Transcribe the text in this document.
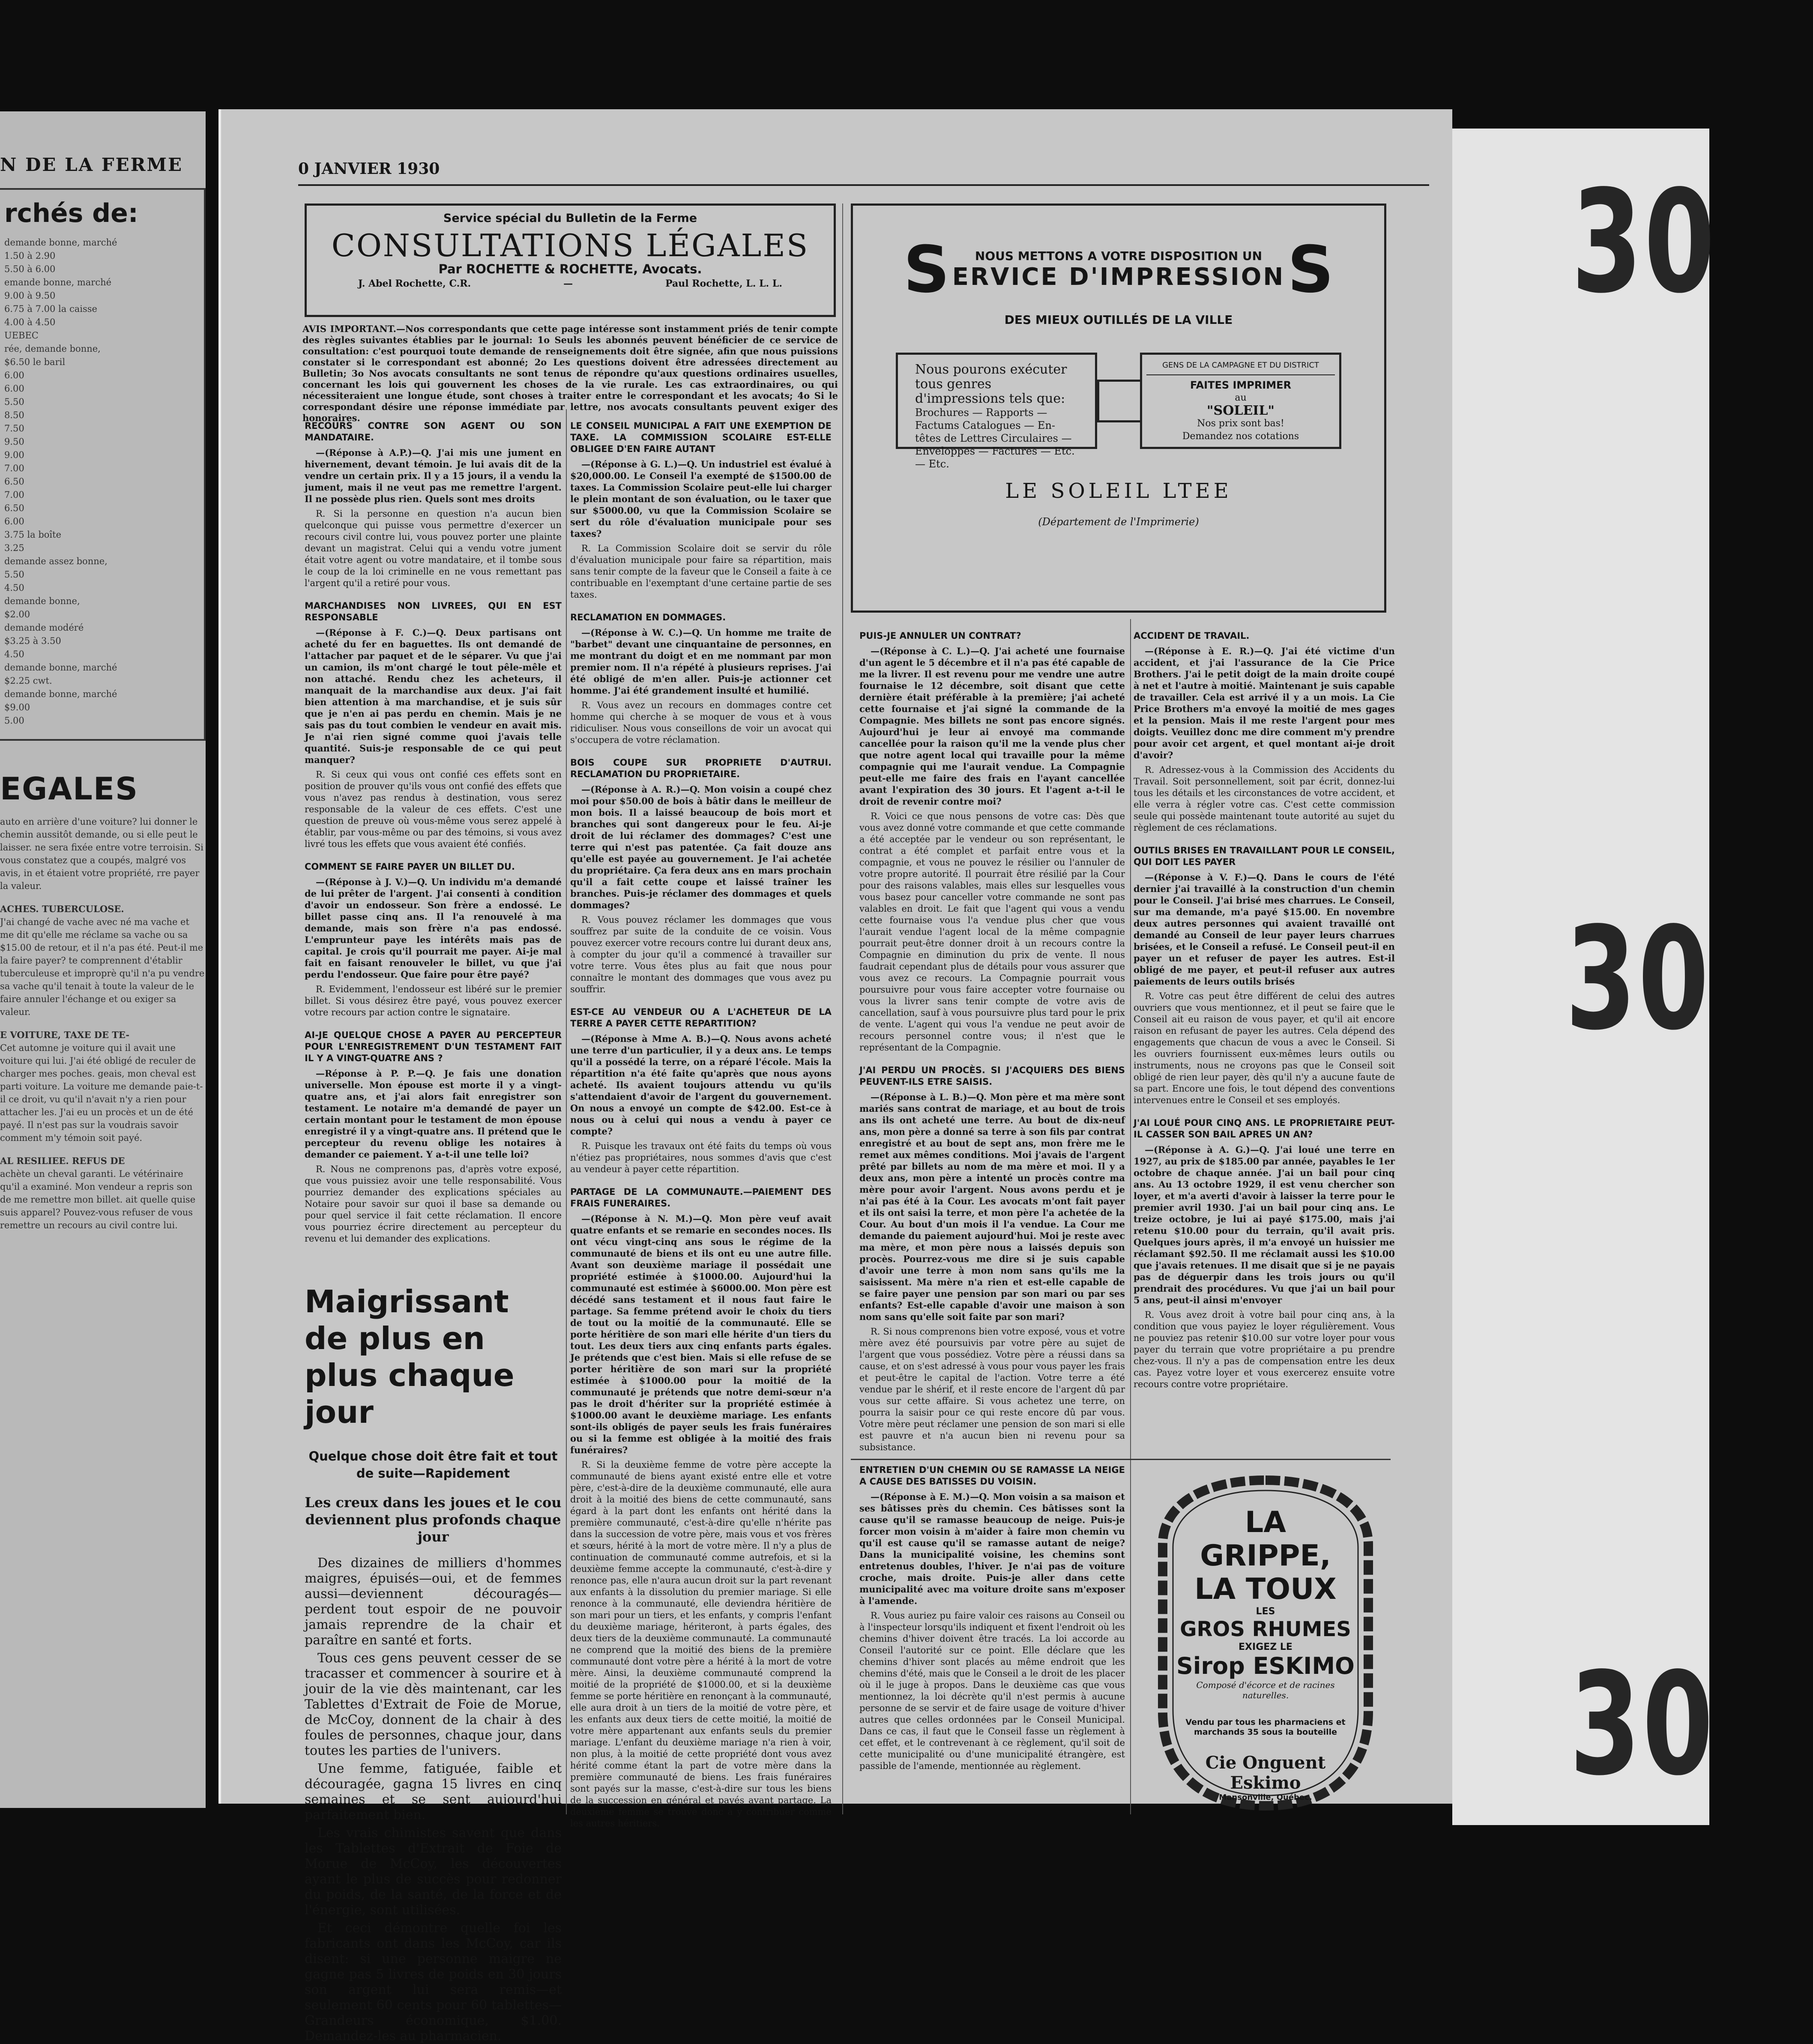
N DE LA FERME
rchés de:
demande bonne, marché
1.50 à 2.90
5.50 à 6.00
emande bonne, marché
9.00 à 9.50
6.75 à 7.00 la caisse
4.00 à 4.50
UEBEC
rée, demande bonne,
$6.50 le baril
6.00
6.00
5.50
8.50
7.50
9.50
9.00
7.00
6.50
7.00
6.50
6.00
3.75 la boîte
3.25
demande assez bonne,
5.50
4.50
demande bonne,
$2.00
demande modéré
$3.25 à 3.50
4.50
demande bonne, marché
$2.25 cwt.
demande bonne, marché
$9.00
5.00
EGALES
auto en arrière d'une voiture? lui donner le chemin aussitôt demande, ou si elle peut le laisser. ne sera fixée entre votre terroisin. Si vous constatez que a coupés, malgré vos avis, in et étaient votre propriété, rre payer la valeur.
ACHES. TUBERCULOSE.
J'ai changé de vache avec né ma vache et me dit qu'elle me réclame sa vache ou sa $15.00 de retour, et il n'a pas été. Peut-il me la faire payer? te comprennent d'établir tuberculeuse et improprè qu'il n'a pu vendre sa vache qu'il tenait à toute la valeur de le faire annuler l'échange et ou exiger sa valeur.
E VOITURE, TAXE DE TE-
Cet automne je voiture qui il avait une voiture qui lui. J'ai été obligé de reculer de charger mes poches. geais, mon cheval est parti voiture. La voiture me demande paie-t-il ce droit, vu qu'il n'avait n'y a rien pour attacher les. J'ai eu un procès et un de été payé. Il n'est pas sur la voudrais savoir comment m'y témoin soit payé.
AL RESILIEE. REFUS DE
achète un cheval garanti. Le vétérinaire qu'il a examiné. Mon vendeur a repris son de me remettre mon billet. ait quelle quise suis apparel? Pouvez-vous refuser de vous remettre un recours au civil contre lui.
0 JANVIER 1930
Service spécial du Bulletin de la Ferme
CONSULTATIONS LÉGALES
Par ROCHETTE & ROCHETTE, Avocats.
J. Abel Rochette, C.R.	—	Paul Rochette, L. L. L.
AVIS IMPORTANT.—Nos correspondants que cette page intéresse sont instamment priés de tenir compte des règles suivantes établies par le journal: 1o Seuls les abonnés peuvent bénéficier de ce service de consultation: c'est pourquoi toute demande de renseignements doit être signée, afin que nous puissions constater si le correspondant est abonné; 2o Les questions doivent être adressées directement au Bulletin; 3o Nos avocats consultants ne sont tenus de répondre qu'aux questions ordinaires usuelles, concernant les lois qui gouvernent les choses de la vie rurale. Les cas extraordinaires, ou qui nécessiteraient une longue étude, sont choses à traiter entre le correspondant et les avocats; 4o Si le correspondant désire une réponse immédiate par lettre, nos avocats consultants peuvent exiger des honoraires.

RECOURS CONTRE SON AGENT OU SON MANDATAIRE.

—(Réponse à A.P.)—Q. J'ai mis une jument en hivernement, devant témoin. Je lui avais dit de la vendre un certain prix. Il y a 15 jours, il a vendu la jument, mais il ne veut pas me remettre l'argent. Il ne possède plus rien. Quels sont mes droits

R. Si la personne en question n'a aucun bien quelconque qui puisse vous permettre d'exercer un recours civil contre lui, vous pouvez porter une plainte devant un magistrat. Celui qui a vendu votre jument était votre agent ou votre mandataire, et il tombe sous le coup de la loi criminelle en ne vous remettant pas l'argent qu'il a retiré pour vous.

MARCHANDISES NON LIVREES, QUI EN EST RESPONSABLE

—(Réponse à F. C.)—Q. Deux partisans ont acheté du fer en baguettes. Ils ont demandé de l'attacher par paquet et de le séparer. Vu que j'ai un camion, ils m'ont chargé le tout pêle-mêle et non attaché. Rendu chez les acheteurs, il manquait de la marchandise aux deux. J'ai fait bien attention à ma marchandise, et je suis sûr que je n'en ai pas perdu en chemin. Mais je ne sais pas du tout combien le vendeur en avait mis. Je n'ai rien signé comme quoi j'avais telle quantité. Suis-je responsable de ce qui peut manquer?

R. Si ceux qui vous ont confié ces effets sont en position de prouver qu'ils vous ont confié des effets que vous n'avez pas rendus à destination, vous serez responsable de la valeur de ces effets. C'est une question de preuve où vous-même vous serez appelé à établir, par vous-même ou par des témoins, si vous avez livré tous les effets que vous avaient été confiés.

COMMENT SE FAIRE PAYER UN BILLET DU.

—(Réponse à J. V.)—Q. Un individu m'a demandé de lui prêter de l'argent. J'ai consenti à condition d'avoir un endosseur. Son frère a endossé. Le billet passe cinq ans. Il l'a renouvelé à ma demande, mais son frère n'a pas endossé. L'emprunteur paye les intérêts mais pas de capital. Je crois qu'il pourrait me payer. Ai-je mal fait en faisant renouveler le billet, vu que j'ai perdu l'endosseur. Que faire pour être payé?

R. Evidemment, l'endosseur est libéré sur le premier billet. Si vous désirez être payé, vous pouvez exercer votre recours par action contre le signataire.

AI-JE QUELQUE CHOSE A PAYER AU PERCEPTEUR POUR L'ENREGISTREMENT D'UN TESTAMENT FAIT IL Y A VINGT-QUATRE ANS ?

—Réponse à P. P.—Q. Je fais une donation universelle. Mon épouse est morte il y a vingt-quatre ans, et j'ai alors fait enregistrer son testament. Le notaire m'a demandé de payer un certain montant pour le testament de mon épouse enregistré il y a vingt-quatre ans. Il prétend que le percepteur du revenu oblige les notaires à demander ce paiement. Y a-t-il une telle loi?

R. Nous ne comprenons pas, d'après votre exposé, que vous puissiez avoir une telle responsabilité. Vous pourriez demander des explications spéciales au Notaire pour savoir sur quoi il base sa demande ou pour quel service il fait cette réclamation. Il encore vous pourriez écrire directement au percepteur du revenu et lui demander des explications.

LE CONSEIL MUNICIPAL A FAIT UNE EXEMPTION DE TAXE. LA COMMISSION SCOLAIRE EST-ELLE OBLIGEE D'EN FAIRE AUTANT

—(Réponse à G. L.)—Q. Un industriel est évalué à $20,000.00. Le Conseil l'a exempté de $1500.00 de taxes. La Commission Scolaire peut-elle lui charger le plein montant de son évaluation, ou le taxer que sur $5000.00, vu que la Commission Scolaire se sert du rôle d'évaluation municipale pour ses taxes?

R. La Commission Scolaire doit se servir du rôle d'évaluation municipale pour faire sa répartition, mais sans tenir compte de la faveur que le Conseil a faite à ce contribuable en l'exemptant d'une certaine partie de ses taxes.

RECLAMATION EN DOMMAGES.

—(Réponse à W. C.)—Q. Un homme me traite de "barbet" devant une cinquantaine de personnes, en me montrant du doigt et en me nommant par mon premier nom. Il n'a répété à plusieurs reprises. J'ai été obligé de m'en aller. Puis-je actionner cet homme. J'ai été grandement insulté et humilié.

R. Vous avez un recours en dommages contre cet homme qui cherche à se moquer de vous et à vous ridiculiser. Nous vous conseillons de voir un avocat qui s'occupera de votre réclamation.

BOIS COUPE SUR PROPRIETE D'AUTRUI. RECLAMATION DU PROPRIETAIRE.

—(Réponse à A. R.)—Q. Mon voisin a coupé chez moi pour $50.00 de bois à bâtir dans le meilleur de mon bois. Il a laissé beaucoup de bois mort et branches qui sont dangereux pour le feu. Ai-je droit de lui réclamer des dommages? C'est une terre qui n'est pas patentée. Ça fait douze ans qu'elle est payée au gouvernement. Je l'ai achetée du propriétaire. Ça fera deux ans en mars prochain qu'il a fait cette coupe et laissé traîner les branches. Puis-je réclamer des dommages et quels dommages?

R. Vous pouvez réclamer les dommages que vous souffrez par suite de la conduite de ce voisin. Vous pouvez exercer votre recours contre lui durant deux ans, à compter du jour qu'il a commencé à travailler sur votre terre. Vous êtes plus au fait que nous pour connaître le montant des dommages que vous avez pu souffrir.

EST-CE AU VENDEUR OU A L'ACHETEUR DE LA TERRE A PAYER CETTE REPARTITION?

—(Réponse à Mme A. B.)—Q. Nous avons acheté une terre d'un particulier, il y a deux ans. Le temps qu'il a possédé la terre, on a réparé l'école. Mais la répartition n'a été faite qu'après que nous ayons acheté. Ils avaient toujours attendu vu qu'ils s'attendaient d'avoir de l'argent du gouvernement. On nous a envoyé un compte de $42.00. Est-ce à nous ou à celui qui nous a vendu à payer ce compte?

R. Puisque les travaux ont été faits du temps où vous n'étiez pas propriétaires, nous sommes d'avis que c'est au vendeur à payer cette répartition.

PARTAGE DE LA COMMUNAUTE.—PAIEMENT DES FRAIS FUNERAIRES.

—(Réponse à N. M.)—Q. Mon père veuf avait quatre enfants et se remarie en secondes noces. Ils ont vécu vingt-cinq ans sous le régime de la communauté de biens et ils ont eu une autre fille. Avant son deuxième mariage il possédait une propriété estimée à $1000.00. Aujourd'hui la communauté est estimée à $6000.00. Mon père est décédé sans testament et il nous faut faire le partage. Sa femme prétend avoir le choix du tiers de tout ou la moitié de la communauté. Elle se porte héritière de son mari elle hérite d'un tiers du tout. Les deux tiers aux cinq enfants parts égales. Je prétends que c'est bien. Mais si elle refuse de se porter héritière de son mari sur la propriété estimée à $1000.00 pour la moitié de la communauté je prétends que notre demi-sœur n'a pas le droit d'hériter sur la propriété estimée à $1000.00 avant le deuxième mariage. Les enfants sont-ils obligés de payer seuls les frais funéraires ou si la femme est obligée à la moitié des frais funéraires?

R. Si la deuxième femme de votre père accepte la communauté de biens ayant existé entre elle et votre père, c'est-à-dire de la deuxième communauté, elle aura droit à la moitié des biens de cette communauté, sans égard à la part dont les enfants ont hérité dans la première communauté, c'est-à-dire qu'elle n'hérite pas dans la succession de votre père, mais vous et vos frères et sœurs, hérité à la mort de votre mère. Il n'y a plus de continuation de communauté comme autrefois, et si la deuxième femme accepte la communauté, c'est-à-dire y renonce pas, elle n'aura aucun droit sur la part revenant aux enfants à la dissolution du premier mariage. Si elle renonce à la communauté, elle deviendra héritière de son mari pour un tiers, et les enfants, y compris l'enfant du deuxième mariage, hériteront, à parts égales, des deux tiers de la deuxième communauté. La communauté ne comprend que la moitié des biens de la première communauté dont votre père a hérité à la mort de votre mère. Ainsi, la deuxième communauté comprend la moitié de la propriété de $1000.00, et si la deuxième femme se porte héritière en renonçant à la communauté, elle aura droit à un tiers de la moitié de votre père, et les enfants aux deux tiers de cette moitié, la moitié de votre mère appartenant aux enfants seuls du premier mariage. L'enfant du deuxième mariage n'a rien à voir, non plus, à la moitié de cette propriété dont vous avez hérité comme étant la part de votre mère dans la première communauté de biens. Les frais funéraires sont payés sur la masse, c'est-à-dire sur tous les biens de la succession en général et payés avant partage. La deuxième femme se trouve donc à y contribuer comme les autres héritiers.

PUIS-JE ANNULER UN CONTRAT?

—(Réponse à C. L.)—Q. J'ai acheté une fournaise d'un agent le 5 décembre et il n'a pas été capable de me la livrer. Il est revenu pour me vendre une autre fournaise le 12 décembre, soit disant que cette dernière était préférable à la première; j'ai acheté cette fournaise et j'ai signé la commande de la Compagnie. Mes billets ne sont pas encore signés. Aujourd'hui je leur ai envoyé ma commande cancellée pour la raison qu'il me la vende plus cher que notre agent local qui travaille pour la même compagnie qui me l'aurait vendue. La Compagnie peut-elle me faire des frais en l'ayant cancellée avant l'expiration des 30 jours. Et l'agent a-t-il le droit de revenir contre moi?

R. Voici ce que nous pensons de votre cas: Dès que vous avez donné votre commande et que cette commande a été acceptée par le vendeur ou son représentant, le contrat a été complet et parfait entre vous et la compagnie, et vous ne pouvez le résilier ou l'annuler de votre propre autorité. Il pourrait être résilié par la Cour pour des raisons valables, mais elles sur lesquelles vous vous basez pour canceller votre commande ne sont pas valables en droit. Le fait que l'agent qui vous a vendu cette fournaise vous l'a vendue plus cher que vous l'aurait vendue l'agent local de la même compagnie pourrait peut-être donner droit à un recours contre la Compagnie en diminution du prix de vente. Il nous faudrait cependant plus de détails pour vous assurer que vous avez ce recours. La Compagnie pourrait vous poursuivre pour vous faire accepter votre fournaise ou vous la livrer sans tenir compte de votre avis de cancellation, sauf à vous poursuivre plus tard pour le prix de vente. L'agent qui vous l'a vendue ne peut avoir de recours personnel contre vous; il n'est que le représentant de la Compagnie.

J'AI PERDU UN PROCÈS. SI J'ACQUIERS DES BIENS PEUVENT-ILS ETRE SAISIS.

—(Réponse à L. B.)—Q. Mon père et ma mère sont mariés sans contrat de mariage, et au bout de trois ans ils ont acheté une terre. Au bout de dix-neuf ans, mon père a donné sa terre à son fils par contrat enregistré et au bout de sept ans, mon frère me le remet aux mêmes conditions. Moi j'avais de l'argent prêté par billets au nom de ma mère et moi. Il y a deux ans, mon père a intenté un procès contre ma mère pour avoir l'argent. Nous avons perdu et je n'ai pas été à la Cour. Les avocats m'ont fait payer et ils ont saisi la terre, et mon père l'a achetée de la Cour. Au bout d'un mois il l'a vendue. La Cour me demande du paiement aujourd'hui. Moi je reste avec ma mère, et mon père nous a laissés depuis son procès. Pourrez-vous me dire si je suis capable d'avoir une terre à mon nom sans qu'ils me la saisissent. Ma mère n'a rien et est-elle capable de se faire payer une pension par son mari ou par ses enfants? Est-elle capable d'avoir une maison à son nom sans qu'elle soit faite par son mari?

R. Si nous comprenons bien votre exposé, vous et votre mère avez été poursuivis par votre père au sujet de l'argent que vous possédiez. Votre père a réussi dans sa cause, et on s'est adressé à vous pour vous payer les frais et peut-être le capital de l'action. Votre terre a été vendue par le shérif, et il reste encore de l'argent dû par vous sur cette affaire. Si vous achetez une terre, on pourra la saisir pour ce qui reste encore dû par vous. Votre mère peut réclamer une pension de son mari si elle est pauvre et n'a aucun bien ni revenu pour sa subsistance.

ENTRETIEN D'UN CHEMIN OU SE RAMASSE LA NEIGE A CAUSE DES BATISSES DU VOISIN.

—(Réponse à E. M.)—Q. Mon voisin a sa maison et ses bâtisses près du chemin. Ces bâtisses sont la cause qu'il se ramasse beaucoup de neige. Puis-je forcer mon voisin à m'aider à faire mon chemin vu qu'il est cause qu'il se ramasse autant de neige? Dans la municipalité voisine, les chemins sont entretenus doubles, l'hiver. Je n'ai pas de voiture croche, mais droite. Puis-je aller dans cette municipalité avec ma voiture droite sans m'exposer à l'amende.

R. Vous auriez pu faire valoir ces raisons au Conseil ou à l'inspecteur lorsqu'ils indiquent et fixent l'endroit où les chemins d'hiver doivent être tracés. La loi accorde au Conseil l'autorité sur ce point. Elle déclare que les chemins d'hiver sont placés au même endroit que les chemins d'été, mais que le Conseil a le droit de les placer où il le juge à propos. Dans le deuxième cas que vous mentionnez, la loi décrète qu'il n'est permis à aucune personne de se servir et de faire usage de voiture d'hiver autres que celles ordonnées par le Conseil Municipal. Dans ce cas, il faut que le Conseil fasse un règlement à cet effet, et le contrevenant à ce règlement, qu'il soit de cette municipalité ou d'une municipalité étrangère, est passible de l'amende, mentionnée au règlement.

ACCIDENT DE TRAVAIL.

—(Réponse à E. R.)—Q. J'ai été victime d'un accident, et j'ai l'assurance de la Cie Price Brothers. J'ai le petit doigt de la main droite coupé à net et l'autre à moitié. Maintenant je suis capable de travailler. Cela est arrivé il y a un mois. La Cie Price Brothers m'a envoyé la moitié de mes gages et la pension. Mais il me reste l'argent pour mes doigts. Veuillez donc me dire comment m'y prendre pour avoir cet argent, et quel montant ai-je droit d'avoir?

R. Adressez-vous à la Commission des Accidents du Travail. Soit personnellement, soit par écrit, donnez-lui tous les détails et les circonstances de votre accident, et elle verra à régler votre cas. C'est cette commission seule qui possède maintenant toute autorité au sujet du règlement de ces réclamations.

OUTILS BRISES EN TRAVAILLANT POUR LE CONSEIL, QUI DOIT LES PAYER

—(Réponse à V. F.)—Q. Dans le cours de l'été dernier j'ai travaillé à la construction d'un chemin pour le Conseil. J'ai brisé mes charrues. Le Conseil, sur ma demande, m'a payé $15.00. En novembre deux autres personnes qui avaient travaillé ont demandé au Conseil de leur payer leurs charrues brisées, et le Conseil a refusé. Le Conseil peut-il en payer un et refuser de payer les autres. Est-il obligé de me payer, et peut-il refuser aux autres paiements de leurs outils brisés

R. Votre cas peut être différent de celui des autres ouvriers que vous mentionnez, et il peut se faire que le Conseil ait eu raison de vous payer, et qu'il ait encore raison en refusant de payer les autres. Cela dépend des engagements que chacun de vous a avec le Conseil. Si les ouvriers fournissent eux-mêmes leurs outils ou instruments, nous ne croyons pas que le Conseil soit obligé de rien leur payer, dès qu'il n'y a aucune faute de sa part. Encore une fois, le tout dépend des conventions intervenues entre le Conseil et ses employés.

J'AI LOUÉ POUR CINQ ANS. LE PROPRIETAIRE PEUT-IL CASSER SON BAIL APRES UN AN?

—(Réponse à A. G.)—Q. J'ai loué une terre en 1927, au prix de $185.00 par année, payables le 1er octobre de chaque année. J'ai un bail pour cinq ans. Au 13 octobre 1929, il est venu chercher son loyer, et m'a averti d'avoir à laisser la terre pour le premier avril 1930. J'ai un bail pour cinq ans. Le treize octobre, je lui ai payé $175.00, mais j'ai retenu $10.00 pour du terrain, qu'il avait pris. Quelques jours après, il m'a envoyé un huissier me réclamant $92.50. Il me réclamait aussi les $10.00 que j'avais retenues. Il me disait que si je ne payais pas de déguerpir dans les trois jours ou qu'il prendrait des procédures. Vu que j'ai un bail pour 5 ans, peut-il ainsi m'envoyer

R. Vous avez droit à votre bail pour cinq ans, à la condition que vous payiez le loyer régulièrement. Vous ne pouviez pas retenir $10.00 sur votre loyer pour vous payer du terrain que votre propriétaire a pu prendre chez-vous. Il n'y a pas de compensation entre les deux cas. Payez votre loyer et vous exercerez ensuite votre recours contre votre propriétaire.

Maigrissant de plus en plus chaque jour
Quelque chose doit être fait et tout de suite—Rapidement
Les creux dans les joues et le cou deviennent plus profonds chaque jour

Des dizaines de milliers d'hommes maigres, épuisés—oui, et de femmes aussi—deviennent découragés—perdent tout espoir de ne pouvoir jamais reprendre de la chair et paraître en santé et forts.

Tous ces gens peuvent cesser de se tracasser et commencer à sourire et à jouir de la vie dès maintenant, car les Tablettes d'Extrait de Foie de Morue, de McCoy, donnent de la chair à des foules de personnes, chaque jour, dans toutes les parties de l'univers.

Une femme, fatiguée, faible et découragée, gagna 15 livres en cinq semaines et se sent aujourd'hui parfaitement bien.

Les vrais chimistes savent que dans les Tablettes d'Extrait de Foie de Morue de McCoy, les découvertes ayant le plus de succès pour redonner du poids, de la santé, de la force et de l'énergie, sont utilisées.

Et ceci démontre quelle foi les fabricants ont dans les McCoy, car ils disent: si une personne maigre ne gagne pas 5 livres de poids en 30 jours son argent lui sera remis—et seulement 60 cents pour 60 tablettes—Grandeurs économique, $1.00. Demandez-les au pharmacien.

S	NOUS METTONS A VOTRE DISPOSITION UN
ERVICE D'IMPRESSION S
DES MIEUX OUTILLÉS DE LA VILLE
Nous pourons exécuter tous genres d'impressions tels que:
Brochures — Rapports — Factums Catalogues — En-têtes de Lettres Circulaires — Enveloppes — Factures — Etc. — Etc.
GENS DE LA CAMPAGNE ET DU DISTRICT
FAITES IMPRIMER
au
"SOLEIL"
Nos prix sont bas!
Demandez nos cotations
LE SOLEIL LTEE
(Département de l'Imprimerie)
LA GRIPPE,
LA TOUX
LES
GROS RHUMES
EXIGEZ LE
Sirop ESKIMO
Composé d'écorce et de racines naturelles.
Vendu par tous les pharmaciens et marchands 35 sous la bouteille
Cie Onguent Eskimo
Mansonville, Québec.
30
30
30
